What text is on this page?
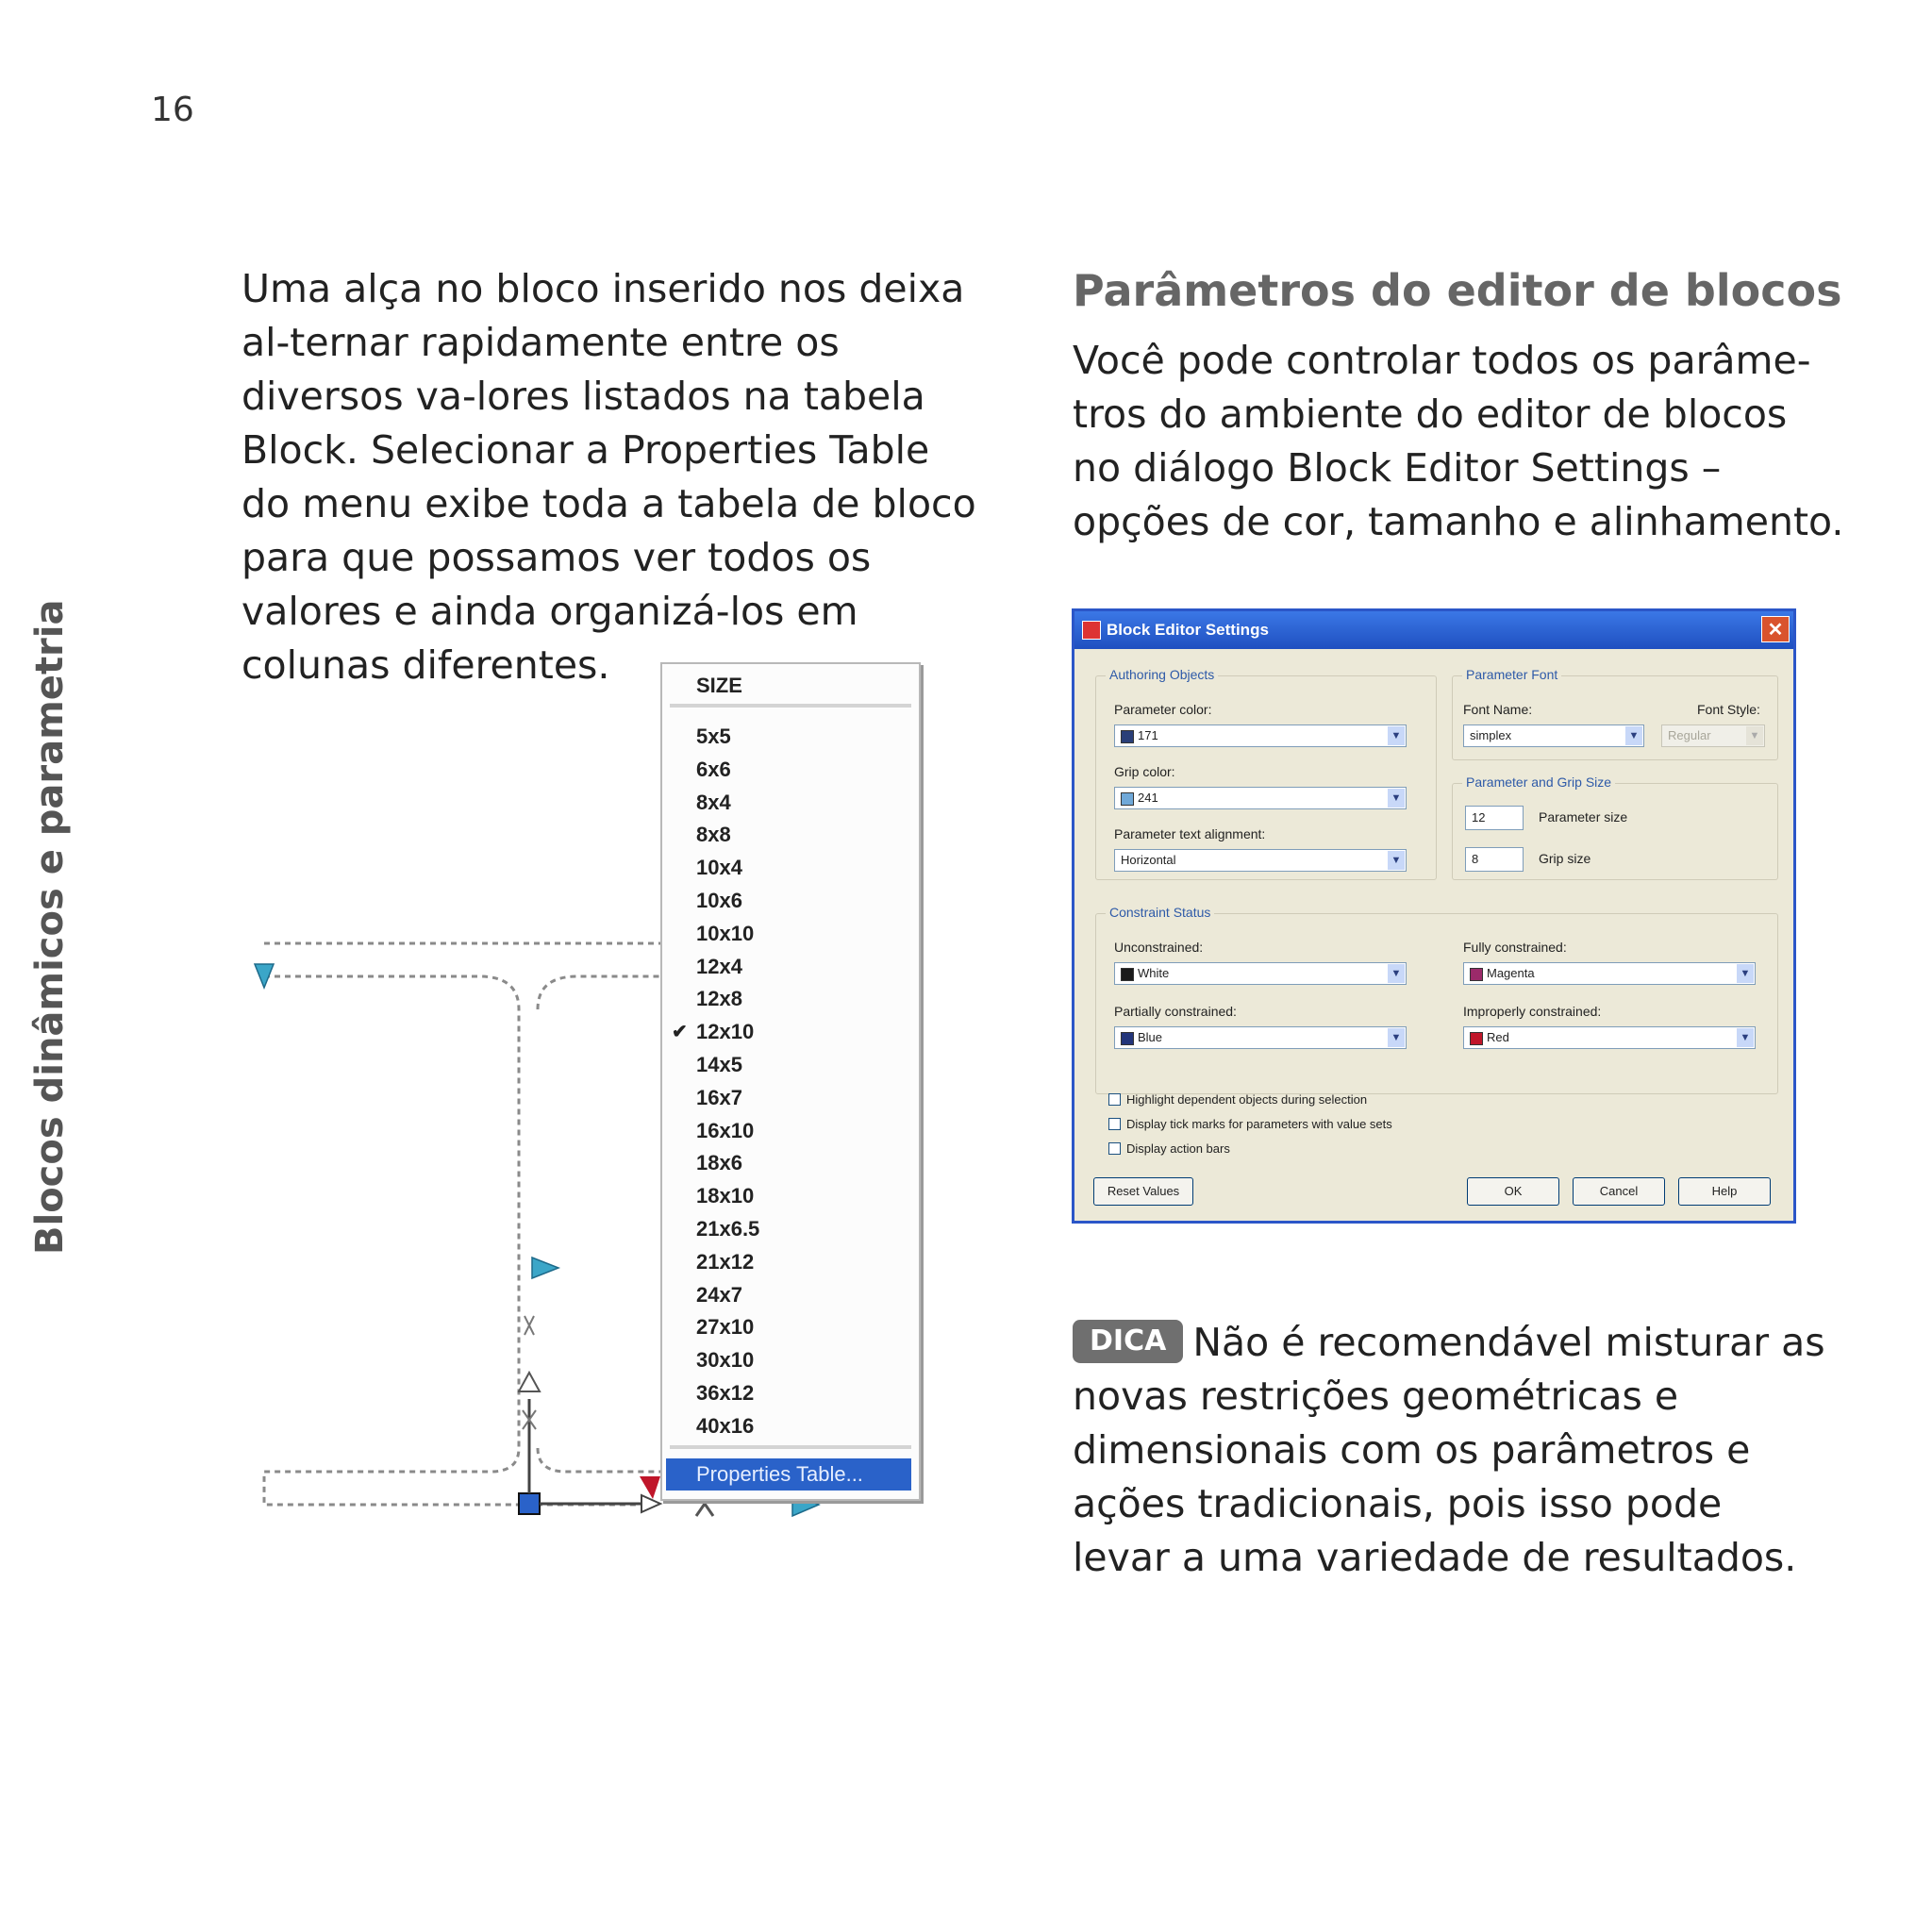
16
Blocos dinâmicos e parametria

Uma alça no bloco inserido nos deixa al-ternar rapidamente entre os diversos va-lores listados na tabela Block. Selecionar a Properties Table do menu exibe toda a tabela de bloco para que possamos ver todos os valores e ainda organizá-los em colunas diferentes.

Parâmetros do editor de blocos

Você pode controlar todos os parâme-tros do ambiente do editor de blocos no diálogo Block Editor Settings – opções de cor, tamanho e alinhamento.

SIZE
5x5
6x6
8x4
8x8
10x4
10x6
10x10
12x4
12x8
✔ 12x10
14x5
16x7
16x10
18x6
18x10
21x6.5
21x12
24x7
27x10
30x10
36x12
40x16
Properties Table...
Block Editor Settings	✕
Authoring Objects
Parameter color:
171	▼
Grip color:
241	▼
Parameter text alignment:
Horizontal	▼
Parameter Font
Font Name:
simplex	▼
Font Style:
Regular	▼
Parameter and Grip Size
12	Parameter size
8	Grip size
Constraint Status
Unconstrained:
White	▼
Fully constrained:
Magenta	▼
Partially constrained:
Blue	▼
Improperly constrained:
Red	▼
Highlight dependent objects during selection
Display tick marks for parameters with value sets
Display action bars
Reset Values	OK	Cancel	Help

DICA Não é recomendável misturar as novas restrições geométricas e dimensionais com os parâmetros e ações tradicionais, pois isso pode levar a uma variedade de resultados.
